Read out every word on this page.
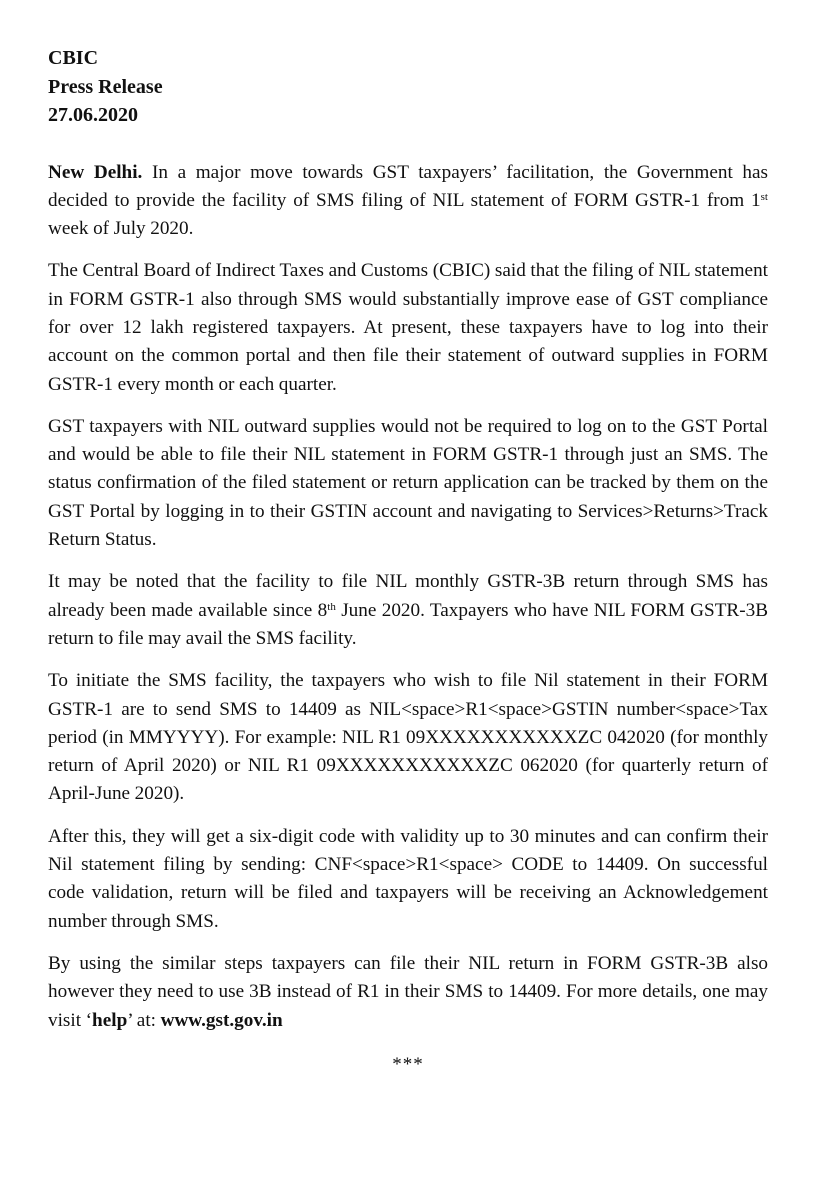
CBIC

Press Release

27.06.2020

New Delhi. In a major move towards GST taxpayers’ facilitation, the Government has decided to provide the facility of SMS filing of NIL statement of FORM GSTR-1 from 1st week of July 2020.

The Central Board of Indirect Taxes and Customs (CBIC) said that the filing of NIL statement in FORM GSTR-1 also through SMS would substantially improve ease of GST compliance for over 12 lakh registered taxpayers. At present, these taxpayers have to log into their account on the common portal and then file their statement of outward supplies in FORM GSTR-1 every month or each quarter.

GST taxpayers with NIL outward supplies would not be required to log on to the GST Portal and would be able to file their NIL statement in FORM GSTR-1 through just an SMS. The status confirmation of the filed statement or return application can be tracked by them on the GST Portal by logging in to their GSTIN account and navigating to Services>Returns>Track Return Status.

It may be noted that the facility to file NIL monthly GSTR-3B return through SMS has already been made available since 8th June 2020. Taxpayers who have NIL FORM GSTR-3B return to file may avail the SMS facility.

To initiate the SMS facility, the taxpayers who wish to file Nil statement in their FORM GSTR-1 are to send SMS to 14409 as NIL<space>R1<space>GSTIN number<space>Tax period (in MMYYYY). For example: NIL R1 09XXXXXXXXXXXZC 042020 (for monthly return of April 2020) or NIL R1 09XXXXXXXXXXXZC 062020 (for quarterly return of April-June 2020).

After this, they will get a six-digit code with validity up to 30 minutes and can confirm their Nil statement filing by sending: CNF<space>R1<space> CODE to 14409. On successful code validation, return will be filed and taxpayers will be receiving an Acknowledgement number through SMS.

By using the similar steps taxpayers can file their NIL return in FORM GSTR-3B also however they need to use 3B instead of R1 in their SMS to 14409. For more details, one may visit ‘help’ at: www.gst.gov.in

***
